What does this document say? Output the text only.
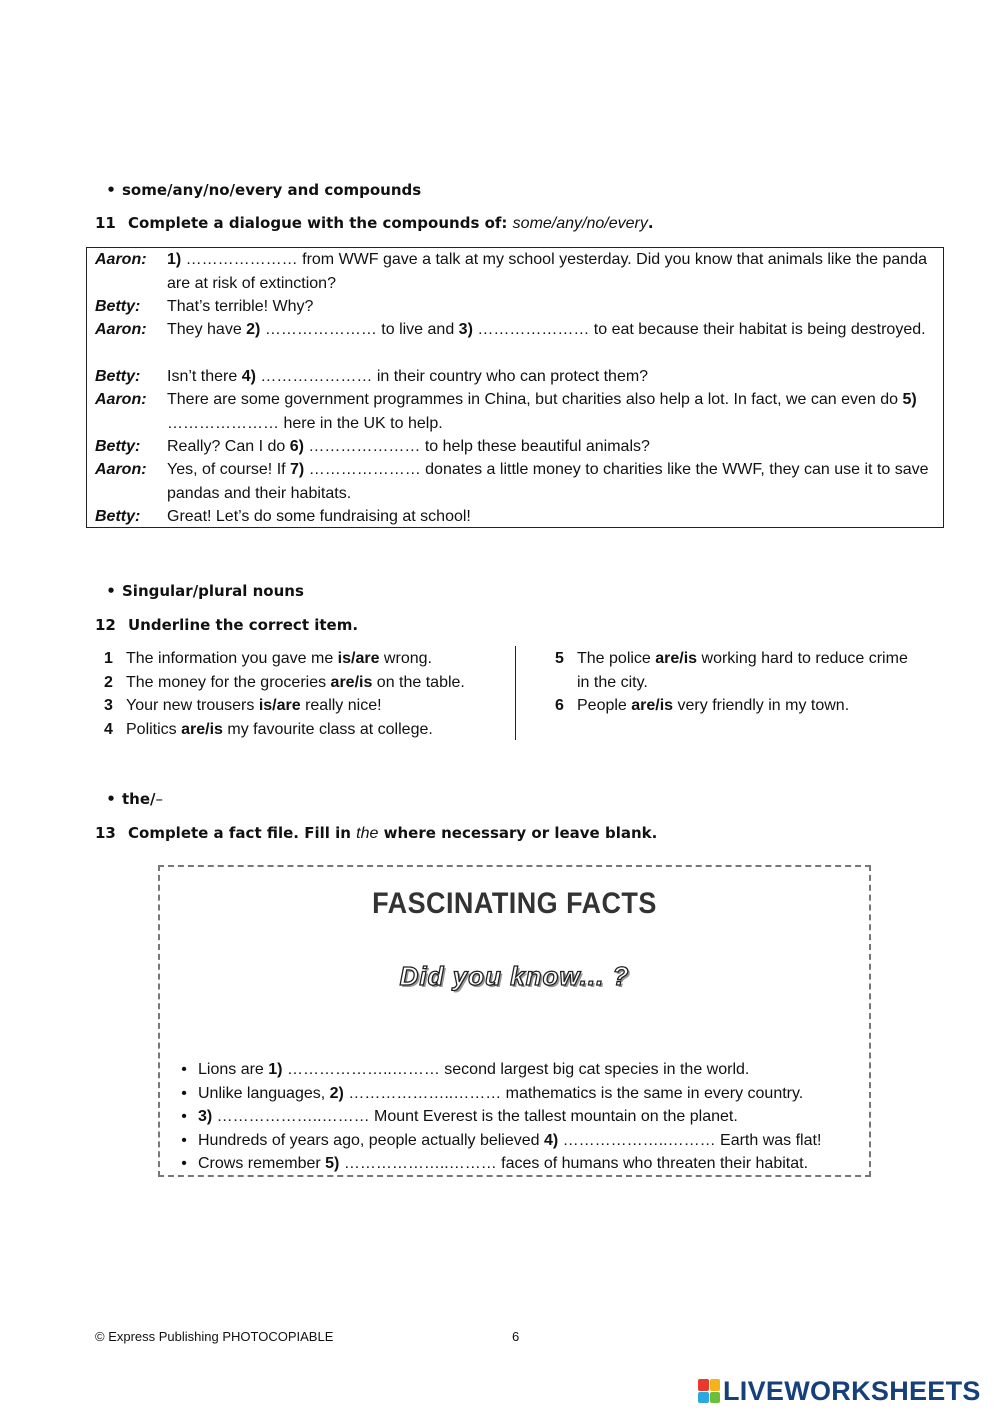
• some/any/no/every and compounds
11 Complete a dialogue with the compounds of: some/any/no/every.
Aaron:	1) ………………… from WWF gave a talk at my school yesterday. Did you know that animals like the panda are at risk of extinction?
Betty:	That’s terrible! Why?
Aaron:	They have 2) ………………… to live and 3) ………………… to eat because their habitat is being destroyed.
Betty:	Isn’t there 4) ………………… in their country who can protect them?
Aaron:	There are some government programmes in China, but charities also help a lot. In fact, we can even do 5) ………………… here in the UK to help.
Betty:	Really? Can I do 6) ………………… to help these beautiful animals?
Aaron:	Yes, of course! If 7) ………………… donates a little money to charities like the WWF, they can use it to save pandas and their habitats.
Betty:	Great! Let’s do some fundraising at school!
• Singular/plural nouns
12 Underline the correct item.
1 The information you gave me is/are wrong.
2 The money for the groceries are/is on the table.
3 Your new trousers is/are really nice!
4 Politics are/is my favourite class at college.
5 The police are/is working hard to reduce crime
in the city.
6 People are/is very friendly in my town.
• the/–
13 Complete a fact file. Fill in the where necessary or leave blank.
FASCINATING FACTS
Did you know... ?
• Lions are 1) ………………..……… second largest big cat species in the world.
• Unlike languages, 2) ………………..……… mathematics is the same in every country.
• 3) ………………..……… Mount Everest is the tallest mountain on the planet.
• Hundreds of years ago, people actually believed 4) ………………..……… Earth was flat!
• Crows remember 5) ………………..……… faces of humans who threaten their habitat.
© Express Publishing PHOTOCOPIABLE	6
LIVEWORKSHEETS
